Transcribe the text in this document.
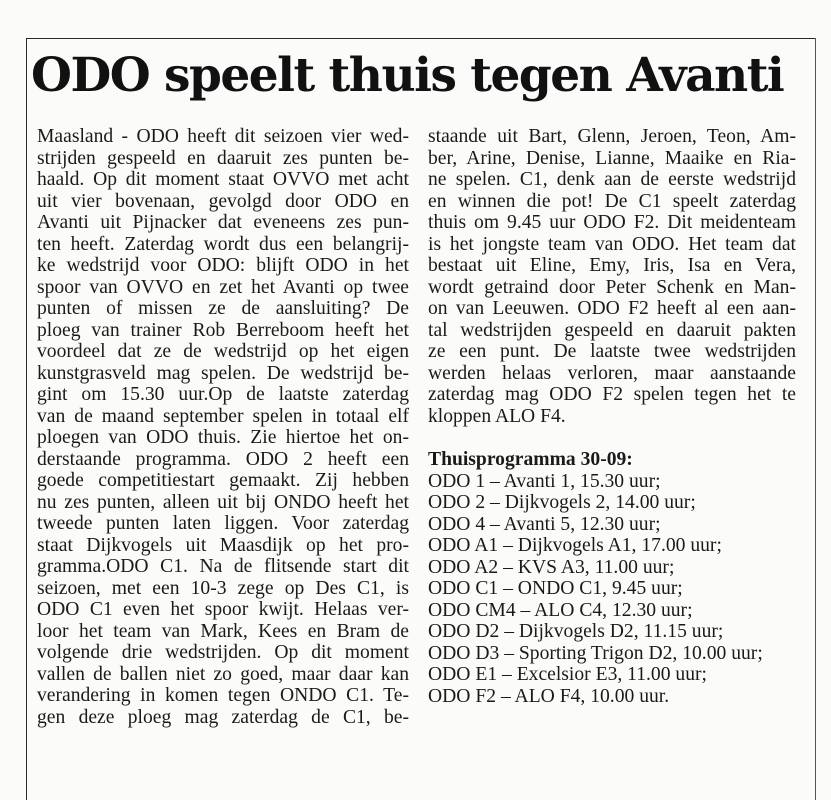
ODO speelt thuis tegen Avanti
Maasland - ODO heeft dit seizoen vier wed-
strijden gespeeld en daaruit zes punten be-
haald. Op dit moment staat OVVO met acht
uit vier bovenaan, gevolgd door ODO en
Avanti uit Pijnacker dat eveneens zes pun-
ten heeft. Zaterdag wordt dus een belangrij-
ke wedstrijd voor ODO: blijft ODO in het
spoor van OVVO en zet het Avanti op twee
punten of missen ze de aansluiting? De
ploeg van trainer Rob Berreboom heeft het
voordeel dat ze de wedstrijd op het eigen
kunstgrasveld mag spelen. De wedstrijd be-
gint om 15.30 uur.Op de laatste zaterdag
van de maand september spelen in totaal elf
ploegen van ODO thuis. Zie hiertoe het on-
derstaande programma. ODO 2 heeft een
goede competitiestart gemaakt. Zij hebben
nu zes punten, alleen uit bij ONDO heeft het
tweede punten laten liggen. Voor zaterdag
staat Dijkvogels uit Maasdijk op het pro-
gramma.ODO C1. Na de flitsende start dit
seizoen, met een 10-3 zege op Des C1, is
ODO C1 even het spoor kwijt. Helaas ver-
loor het team van Mark, Kees en Bram de
volgende drie wedstrijden. Op dit moment
vallen de ballen niet zo goed, maar daar kan
verandering in komen tegen ONDO C1. Te-
gen deze ploeg mag zaterdag de C1, be-
staande uit Bart, Glenn, Jeroen, Teon, Am-
ber, Arine, Denise, Lianne, Maaike en Ria-
ne spelen. C1, denk aan de eerste wedstrijd
en winnen die pot! De C1 speelt zaterdag
thuis om 9.45 uur ODO F2. Dit meidenteam
is het jongste team van ODO. Het team dat
bestaat uit Eline, Emy, Iris, Isa en Vera,
wordt getraind door Peter Schenk en Man-
on van Leeuwen. ODO F2 heeft al een aan-
tal wedstrijden gespeeld en daaruit pakten
ze een punt. De laatste twee wedstrijden
werden helaas verloren, maar aanstaande
zaterdag mag ODO F2 spelen tegen het te
kloppen ALO F4.
Thuisprogramma 30-09:
ODO 1 – Avanti 1, 15.30 uur;
ODO 2 – Dijkvogels 2, 14.00 uur;
ODO 4 – Avanti 5, 12.30 uur;
ODO A1 – Dijkvogels A1, 17.00 uur;
ODO A2 – KVS A3, 11.00 uur;
ODO C1 – ONDO C1, 9.45 uur;
ODO CM4 – ALO C4, 12.30 uur;
ODO D2 – Dijkvogels D2, 11.15 uur;
ODO D3 – Sporting Trigon D2, 10.00 uur;
ODO E1 – Excelsior E3, 11.00 uur;
ODO F2 – ALO F4, 10.00 uur.
